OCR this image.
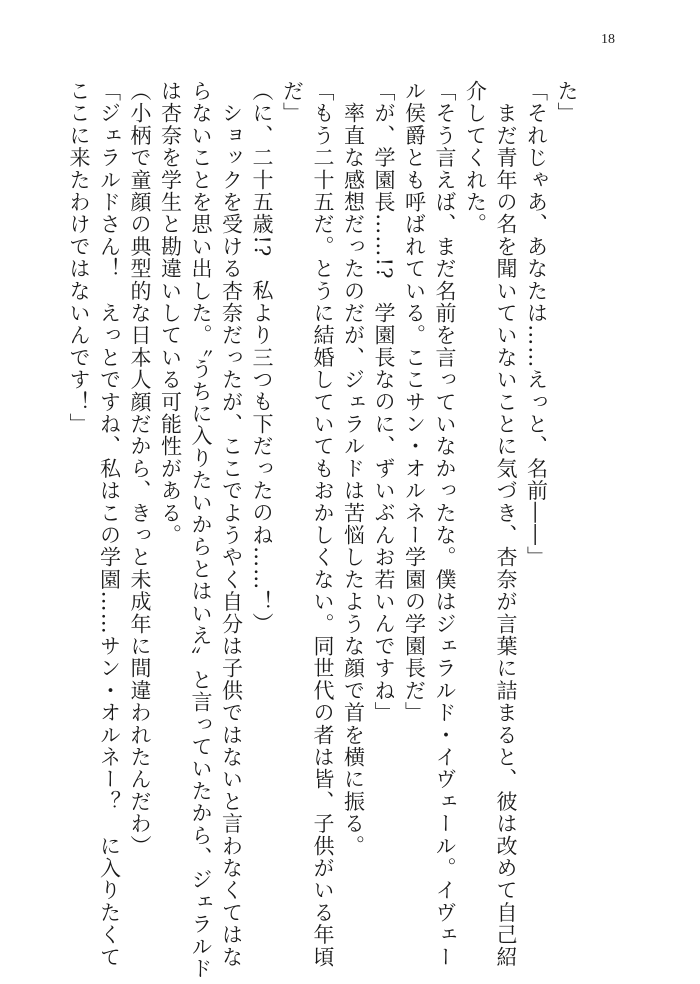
18
た」
「それじゃあ、あなたは……えっと、名前――」
　まだ青年の名を聞いていないことに気づき、杏奈が言葉に詰まると、彼は改めて自己紹
介してくれた。
「そう言えば、まだ名前を言っていなかったな。僕はジェラルド・イヴェール。イヴェー
ル侯爵とも呼ばれている。ここサン・オルネー学園の学園長だ」
「が、学園長……!?　学園長なのに、ずいぶんお若いんですね」
　率直な感想だったのだが、ジェラルドは苦悩したような顔で首を横に振る。
「もう二十五だ。とうに結婚していてもおかしくない。同世代の者は皆、子供がいる年頃
だ」
（に、二十五歳!?　私より三つも下だったのね……！）
　ショックを受ける杏奈だったが、ここでようやく自分は子供ではないと言わなくてはな
らないことを思い出した。〝うちに入りたいからとはいえ〟と言っていたから、ジェラルド
は杏奈を学生と勘違いしている可能性がある。
（小柄で童顔の典型的な日本人顔だから、きっと未成年に間違われたんだわ）
「ジェラルドさん！　えっとですね、私はこの学園……サン・オルネー？　に入りたくて
ここに来たわけではないんです！」
